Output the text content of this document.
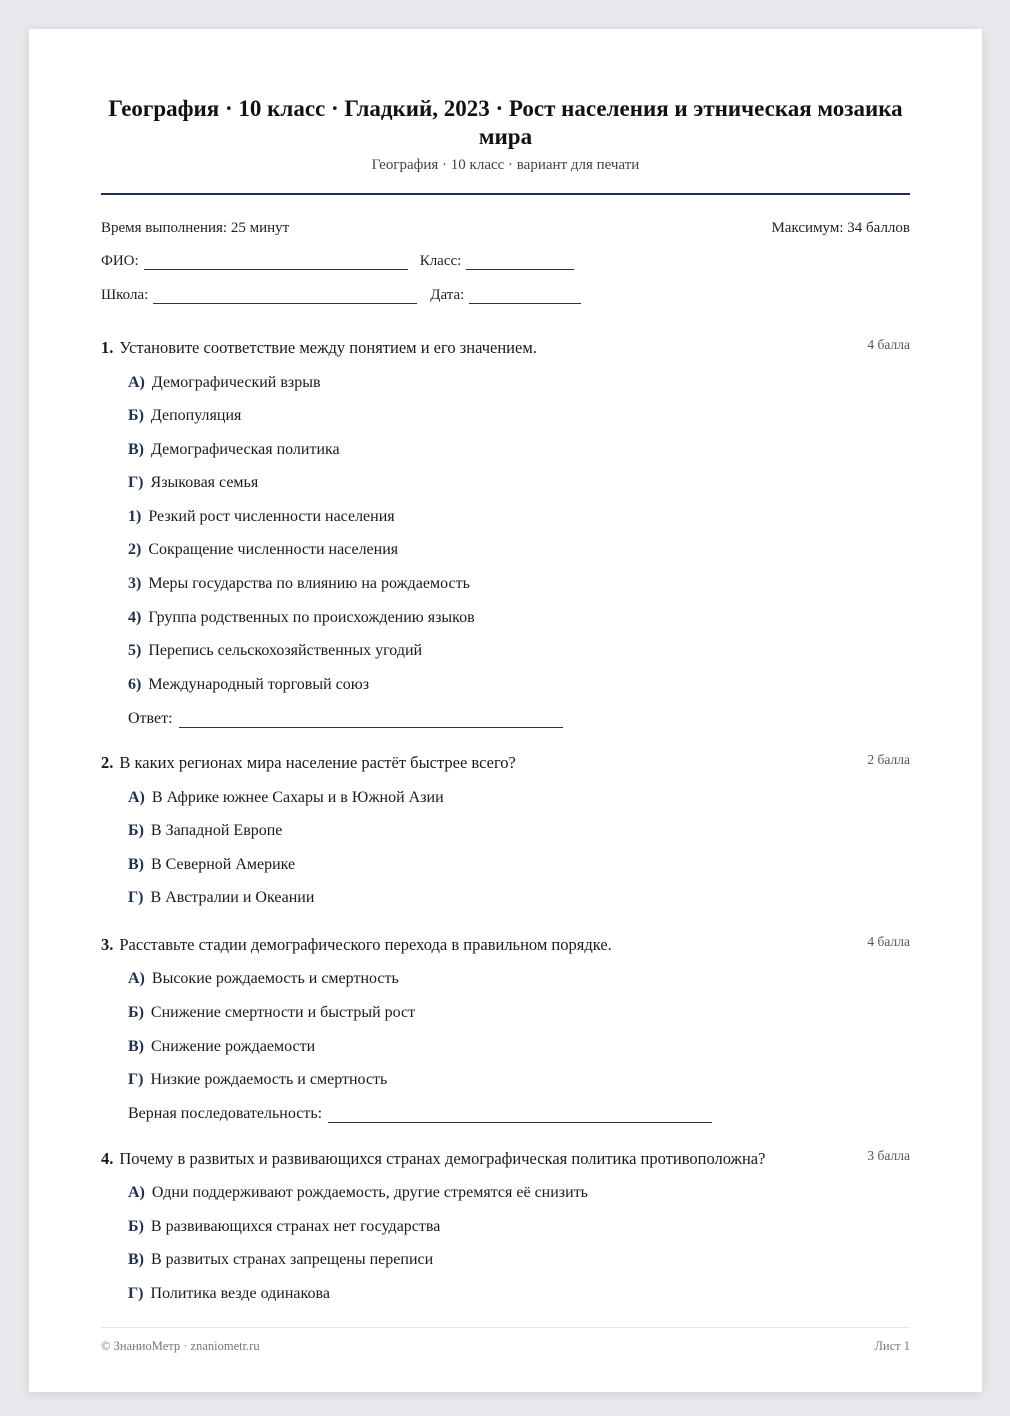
География · 10 класс · Гладкий, 2023 · Рост населения и этническая мозаика мира
География · 10 класс · вариант для печати
Время выполнения: 25 минут	Максимум: 34 баллов
ФИО:	Класс:
Школа:	Дата:
1. Установите соответствие между понятием и его значением.	4 балла
А) Демографический взрыв
Б) Депопуляция
В) Демографическая политика
Г) Языковая семья
1) Резкий рост численности населения
2) Сокращение численности населения
3) Меры государства по влиянию на рождаемость
4) Группа родственных по происхождению языков
5) Перепись сельскохозяйственных угодий
6) Международный торговый союз
Ответ:
2. В каких регионах мира население растёт быстрее всего?	2 балла
А) В Африке южнее Сахары и в Южной Азии
Б) В Западной Европе
В) В Северной Америке
Г) В Австралии и Океании
3. Расставьте стадии демографического перехода в правильном порядке.	4 балла
А) Высокие рождаемость и смертность
Б) Снижение смертности и быстрый рост
В) Снижение рождаемости
Г) Низкие рождаемость и смертность
Верная последовательность:
4. Почему в развитых и развивающихся странах демографическая политика противоположна?	3 балла
А) Одни поддерживают рождаемость, другие стремятся её снизить
Б) В развивающихся странах нет государства
В) В развитых странах запрещены переписи
Г) Политика везде одинакова
© ЗнаниоМетр · znaniometr.ru	Лист 1
